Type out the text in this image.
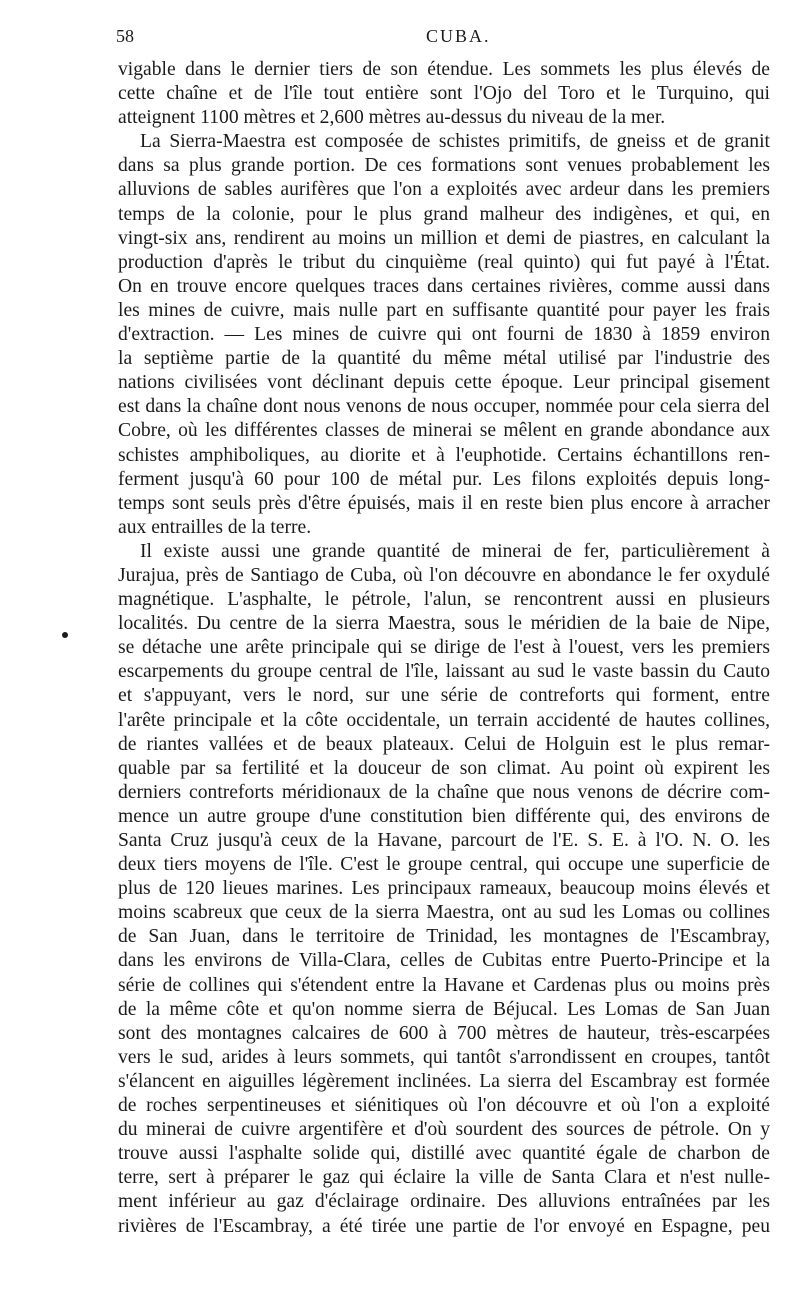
58	CUBA.
vigable dans le dernier tiers de son étendue. Les sommets les plus élevés de
cette chaîne et de l'île tout entière sont l'Ojo del Toro et le Turquino, qui
atteignent 1100 mètres et 2,600 mètres au-dessus du niveau de la mer.
La Sierra-Maestra est composée de schistes primitifs, de gneiss et de granit
dans sa plus grande portion. De ces formations sont venues probablement les
alluvions de sables aurifères que l'on a exploités avec ardeur dans les premiers
temps de la colonie, pour le plus grand malheur des indigènes, et qui, en
vingt-six ans, rendirent au moins un million et demi de piastres, en calculant la
production d'après le tribut du cinquième (real quinto) qui fut payé à l'État.
On en trouve encore quelques traces dans certaines rivières, comme aussi dans
les mines de cuivre, mais nulle part en suffisante quantité pour payer les frais
d'extraction. — Les mines de cuivre qui ont fourni de 1830 à 1859 environ
la septième partie de la quantité du même métal utilisé par l'industrie des
nations civilisées vont déclinant depuis cette époque. Leur principal gisement
est dans la chaîne dont nous venons de nous occuper, nommée pour cela sierra del
Cobre, où les différentes classes de minerai se mêlent en grande abondance aux
schistes amphiboliques, au diorite et à l'euphotide. Certains échantillons ren-
ferment jusqu'à 60 pour 100 de métal pur. Les filons exploités depuis long-
temps sont seuls près d'être épuisés, mais il en reste bien plus encore à arracher
aux entrailles de la terre.
Il existe aussi une grande quantité de minerai de fer, particulièrement à
Jurajua, près de Santiago de Cuba, où l'on découvre en abondance le fer oxydulé
magnétique. L'asphalte, le pétrole, l'alun, se rencontrent aussi en plusieurs
localités. Du centre de la sierra Maestra, sous le méridien de la baie de Nipe,
se détache une arête principale qui se dirige de l'est à l'ouest, vers les premiers
escarpements du groupe central de l'île, laissant au sud le vaste bassin du Cauto
et s'appuyant, vers le nord, sur une série de contreforts qui forment, entre
l'arête principale et la côte occidentale, un terrain accidenté de hautes collines,
de riantes vallées et de beaux plateaux. Celui de Holguin est le plus remar-
quable par sa fertilité et la douceur de son climat. Au point où expirent les
derniers contreforts méridionaux de la chaîne que nous venons de décrire com-
mence un autre groupe d'une constitution bien différente qui, des environs de
Santa Cruz jusqu'à ceux de la Havane, parcourt de l'E. S. E. à l'O. N. O. les
deux tiers moyens de l'île. C'est le groupe central, qui occupe une superficie de
plus de 120 lieues marines. Les principaux rameaux, beaucoup moins élevés et
moins scabreux que ceux de la sierra Maestra, ont au sud les Lomas ou collines
de San Juan, dans le territoire de Trinidad, les montagnes de l'Escambray,
dans les environs de Villa-Clara, celles de Cubitas entre Puerto-Principe et la
série de collines qui s'étendent entre la Havane et Cardenas plus ou moins près
de la même côte et qu'on nomme sierra de Béjucal. Les Lomas de San Juan
sont des montagnes calcaires de 600 à 700 mètres de hauteur, très-escarpées
vers le sud, arides à leurs sommets, qui tantôt s'arrondissent en croupes, tantôt
s'élancent en aiguilles légèrement inclinées. La sierra del Escambray est formée
de roches serpentineuses et siénitiques où l'on découvre et où l'on a exploité
du minerai de cuivre argentifère et d'où sourdent des sources de pétrole. On y
trouve aussi l'asphalte solide qui, distillé avec quantité égale de charbon de
terre, sert à préparer le gaz qui éclaire la ville de Santa Clara et n'est nulle-
ment inférieur au gaz d'éclairage ordinaire. Des alluvions entraînées par les
rivières de l'Escambray, a été tirée une partie de l'or envoyé en Espagne, peu
